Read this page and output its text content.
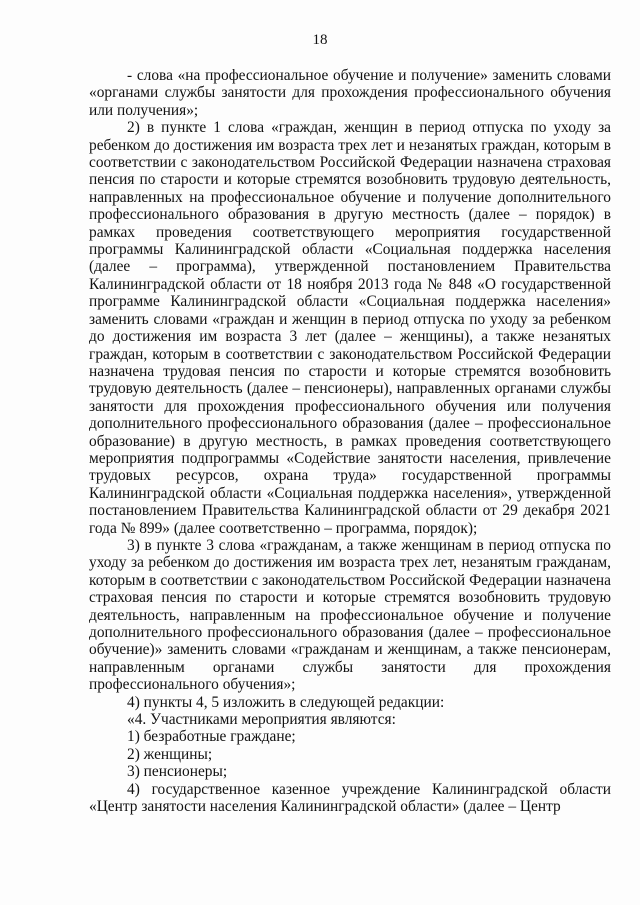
18

- слова «на профессиональное обучение и получение» заменить словами «органами службы занятости для прохождения профессионального обучения или получения»;

2) в пункте 1 слова «граждан, женщин в период отпуска по уходу за ребенком до достижения им возраста трех лет и незанятых граждан, которым в соответствии с законодательством Российской Федерации назначена страховая пенсия по старости и которые стремятся возобновить трудовую деятельность, направленных на профессиональное обучение и получение дополнительного профессионального образования в другую местность (далее – порядок) в рамках проведения соответствующего мероприятия государственной программы Калининградской области «Социальная поддержка населения (далее – программа), утвержденной постановлением Правительства Калининградской области от 18 ноября 2013 года № 848 «О государственной программе Калининградской области «Социальная поддержка населения» заменить словами «граждан и женщин в период отпуска по уходу за ребенком до достижения им возраста 3 лет (далее – женщины), а также незанятых граждан, которым в соответствии с законодательством Российской Федерации назначена трудовая пенсия по старости и которые стремятся возобновить трудовую деятельность (далее – пенсионеры), направленных органами службы занятости для прохождения профессионального обучения или получения дополнительного профессионального образования (далее – профессиональное образование) в другую местность, в рамках проведения соответствующего мероприятия подпрограммы «Содействие занятости населения, привлечение трудовых ресурсов, охрана труда» государственной программы Калининградской области «Социальная поддержка населения», утвержденной постановлением Правительства Калининградской области от 29 декабря 2021 года № 899» (далее соответственно – программа, порядок);

3) в пункте 3 слова «гражданам, а также женщинам в период отпуска по уходу за ребенком до достижения им возраста трех лет, незанятым гражданам, которым в соответствии с законодательством Российской Федерации назначена страховая пенсия по старости и которые стремятся возобновить трудовую деятельность, направленным на профессиональное обучение и получение дополнительного профессионального образования (далее – профессиональное обучение)» заменить словами «гражданам и женщинам, а также пенсионерам, направленным органами службы занятости для прохождения профессионального обучения»;

4) пункты 4, 5 изложить в следующей редакции:

«4. Участниками мероприятия являются:

1) безработные граждане;

2) женщины;

3) пенсионеры;

4) государственное казенное учреждение Калининградской области «Центр занятости населения Калининградской области» (далее – Центр
